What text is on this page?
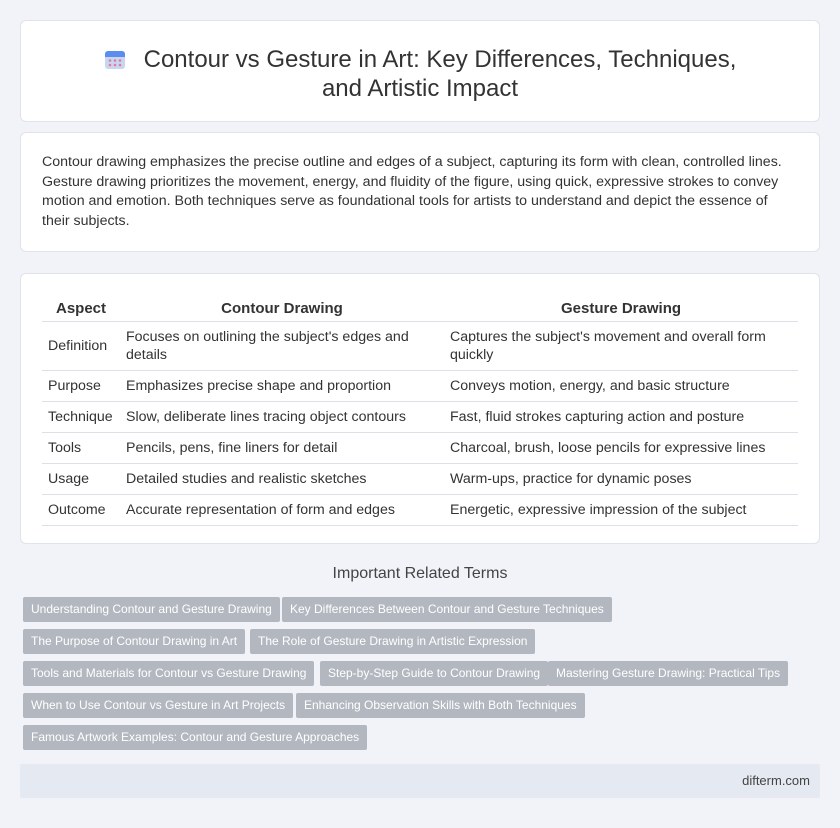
Contour vs Gesture in Art: Key Differences, Techniques, and Artistic Impact

Contour drawing emphasizes the precise outline and edges of a subject, capturing its form with clean, controlled lines. Gesture drawing prioritizes the movement, energy, and fluidity of the figure, using quick, expressive strokes to convey motion and emotion. Both techniques serve as foundational tools for artists to understand and depict the essence of their subjects.

Aspect	Contour Drawing	Gesture Drawing
Definition	Focuses on outlining the subject's edges and details	Captures the subject's movement and overall form quickly
Purpose	Emphasizes precise shape and proportion	Conveys motion, energy, and basic structure
Technique	Slow, deliberate lines tracing object contours	Fast, fluid strokes capturing action and posture
Tools	Pencils, pens, fine liners for detail	Charcoal, brush, loose pencils for expressive lines
Usage	Detailed studies and realistic sketches	Warm-ups, practice for dynamic poses
Outcome	Accurate representation of form and edges	Energetic, expressive impression of the subject
Important Related Terms
Understanding Contour and Gesture Drawing	Key Differences Between Contour and Gesture Techniques
The Purpose of Contour Drawing in Art	The Role of Gesture Drawing in Artistic Expression
Tools and Materials for Contour vs Gesture Drawing	Step-by-Step Guide to Contour Drawing	Mastering Gesture Drawing: Practical Tips
When to Use Contour vs Gesture in Art Projects	Enhancing Observation Skills with Both Techniques
Famous Artwork Examples: Contour and Gesture Approaches
difterm.com
